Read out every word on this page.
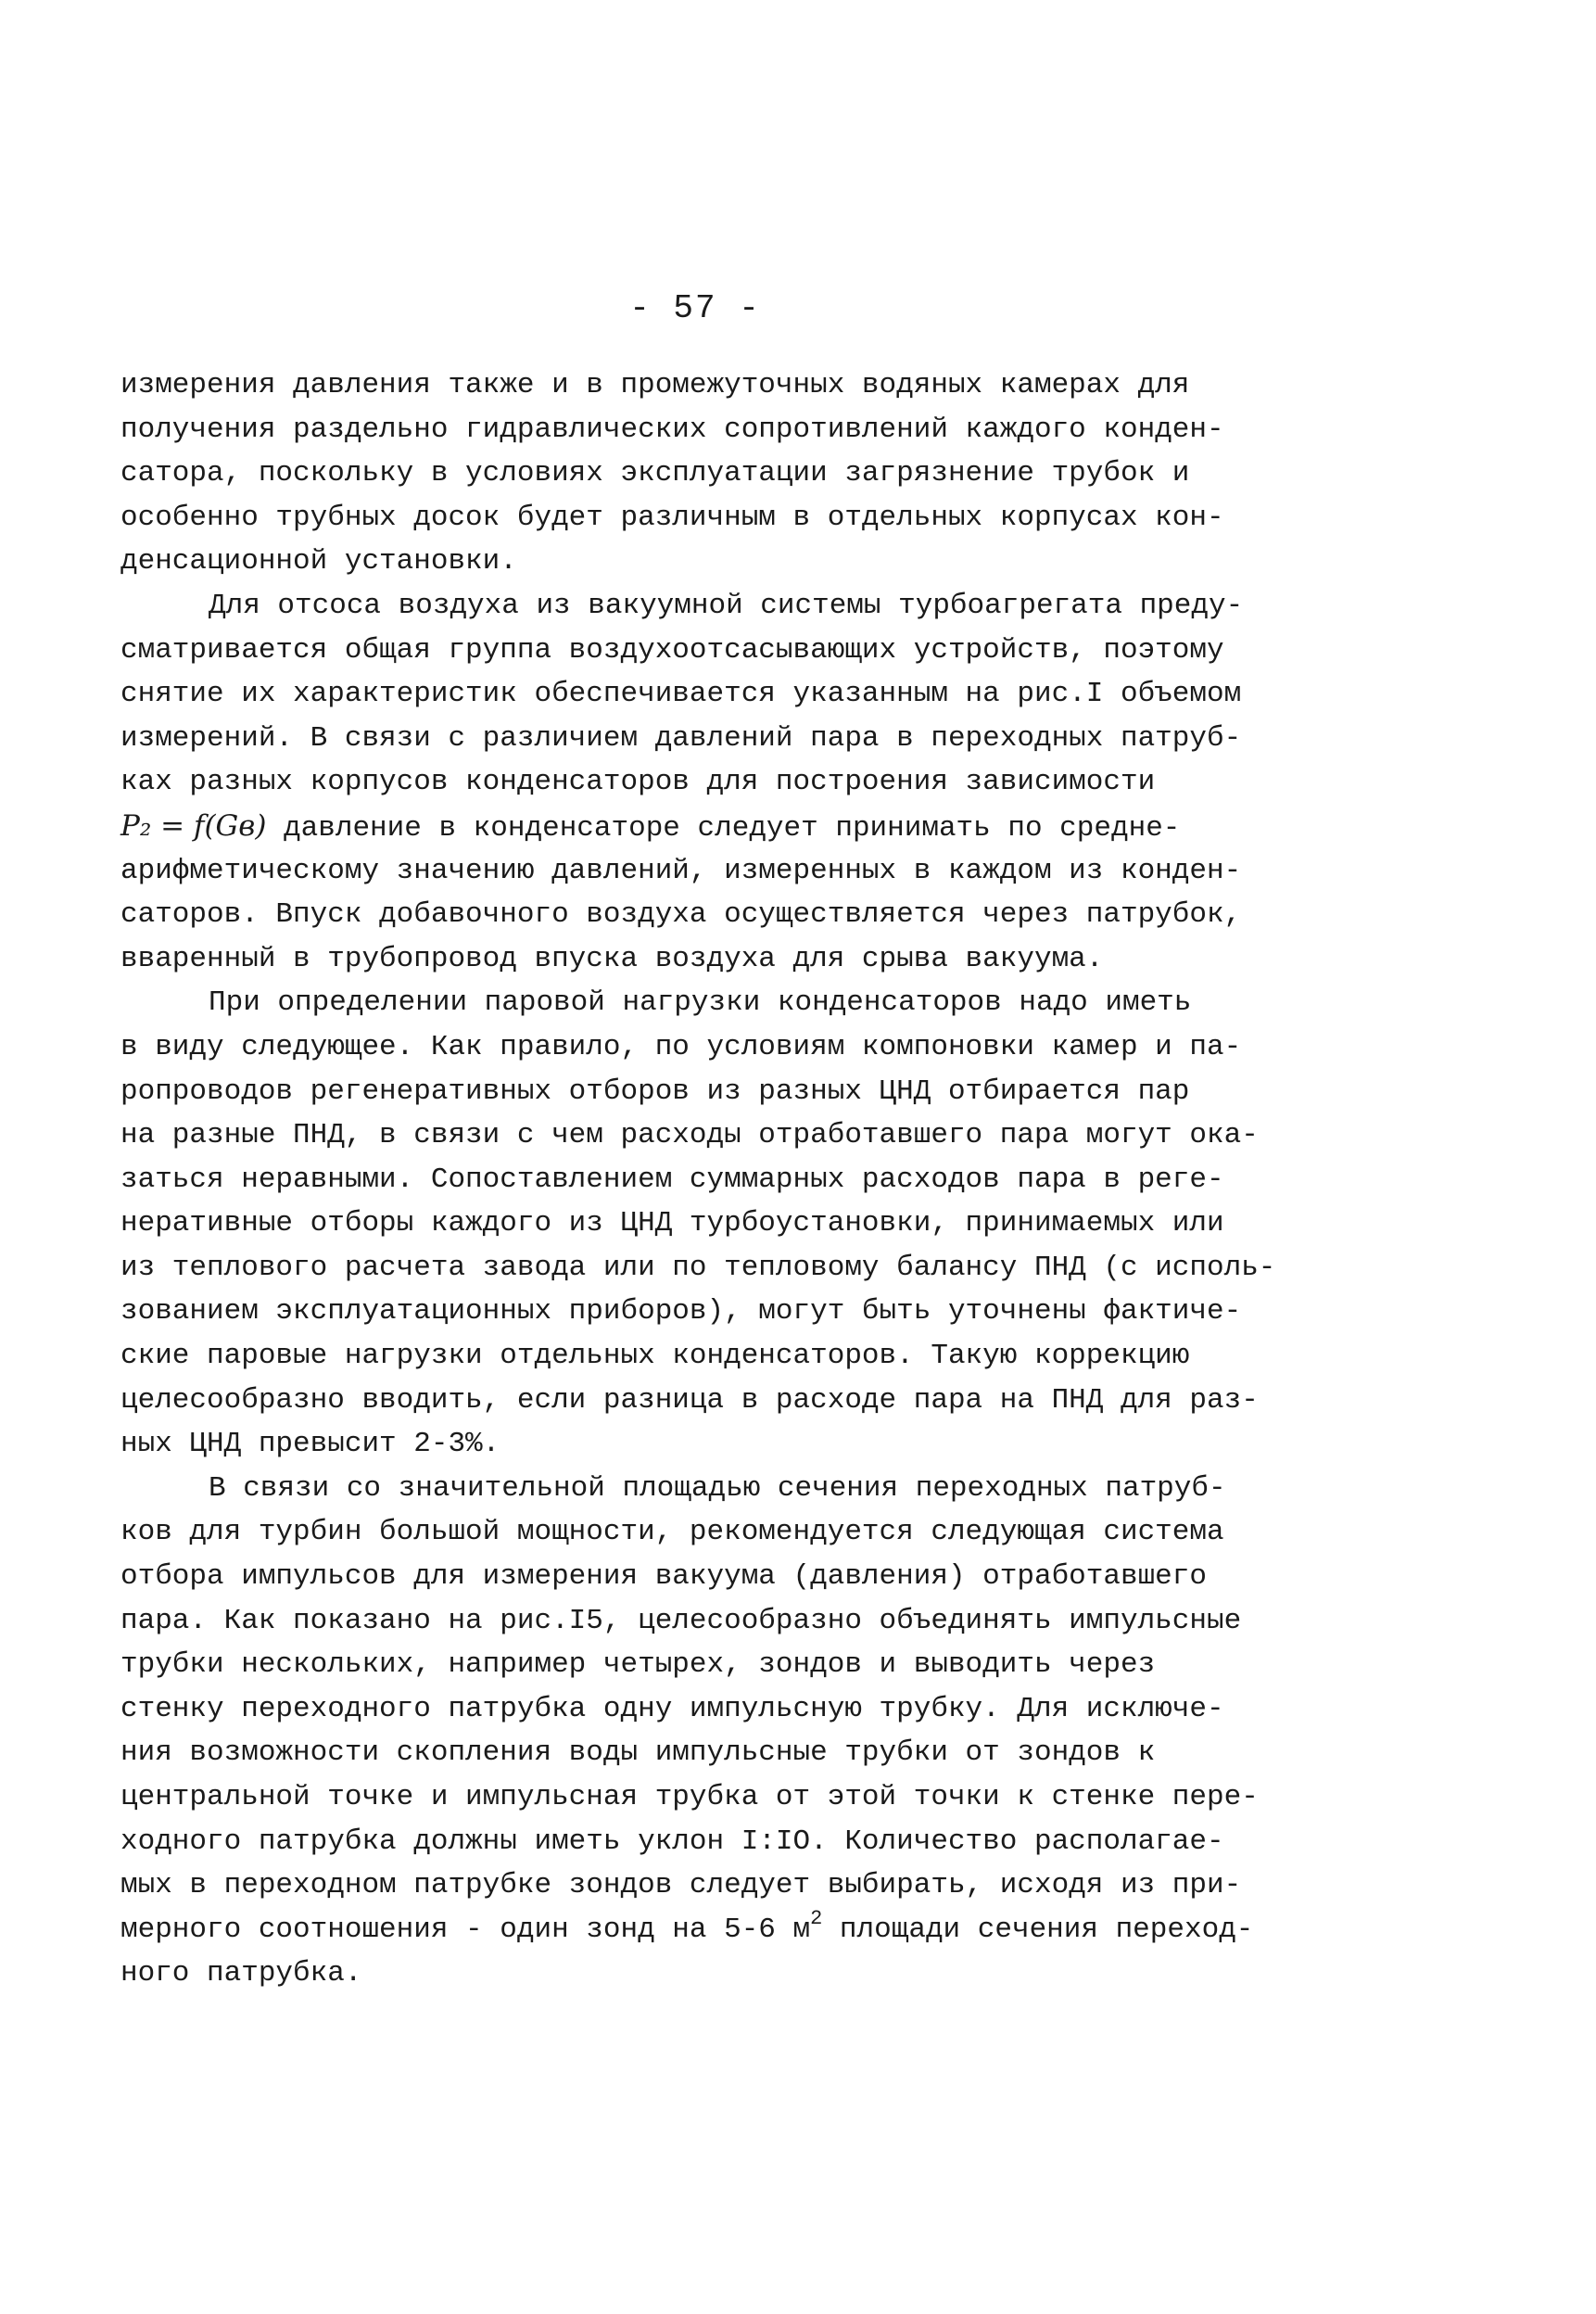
- 57 -
измерения давления также и в промежуточных водяных камерах для
получения раздельно гидравлических сопротивлений каждого конден-
сатора, поскольку в условиях эксплуатации загрязнение трубок и
особенно трубных досок будет различным в отдельных корпусах кон-
денсационной установки.
Для отсоса воздуха из вакуумной системы турбоагрегата преду-
сматривается общая группа воздухоотсасывающих устройств, поэтому
снятие их характеристик обеспечивается указанным на рис.I объемом
измерений. В связи с различием давлений пара в переходных патруб-
ках разных корпусов конденсаторов для построения зависимости
P₂ = f(Gв) давление в конденсаторе следует принимать по средне-
арифметическому значению давлений, измеренных в каждом из конден-
саторов. Впуск добавочного воздуха осуществляется через патрубок,
вваренный в трубопровод впуска воздуха для срыва вакуума.
При определении паровой нагрузки конденсаторов надо иметь
в виду следующее. Как правило, по условиям компоновки камер и па-
ропроводов регенеративных отборов из разных ЦНД отбирается пар
на разные ПНД, в связи с чем расходы отработавшего пара могут ока-
заться неравными. Сопоставлением суммарных расходов пара в реге-
неративные отборы каждого из ЦНД турбоустановки, принимаемых или
из теплового расчета завода или по тепловому балансу ПНД (с исполь-
зованием эксплуатационных приборов), могут быть уточнены фактиче-
ские паровые нагрузки отдельных конденсаторов. Такую коррекцию
целесообразно вводить, если разница в расходе пара на ПНД для раз-
ных ЦНД превысит 2-3%.
В связи со значительной площадью сечения переходных патруб-
ков для турбин большой мощности, рекомендуется следующая система
отбора импульсов для измерения вакуума (давления) отработавшего
пара. Как показано на рис.I5, целесообразно объединять импульсные
трубки нескольких, например четырех, зондов и выводить через
стенку переходного патрубка одну импульсную трубку. Для исключе-
ния возможности скопления воды импульсные трубки от зондов к
центральной точке и импульсная трубка от этой точки к стенке пере-
ходного патрубка должны иметь уклон I:IO. Количество располагае-
мых в переходном патрубке зондов следует выбирать, исходя из при-
мерного соотношения - один зонд на 5-6 $м^2$ площади сечения переход-
ного патрубка.
